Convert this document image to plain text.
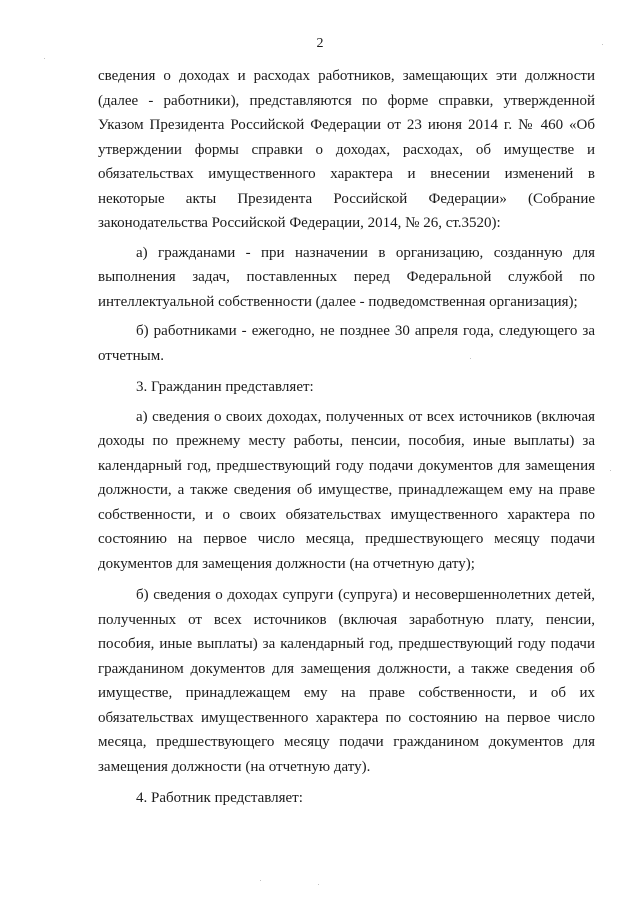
2

сведения о доходах и расходах работников, замещающих эти должности (далее - работники), представляются по форме справки, утвержденной Указом Президента Российской Федерации от 23 июня 2014 г. № 460 «Об утверждении формы справки о доходах, расходах, об имуществе и обязательствах имущественного характера и внесении изменений в некоторые акты Президента Российской Федерации» (Собрание законодательства Российской Федерации, 2014, № 26, ст.3520):

а) гражданами - при назначении в организацию, созданную для выполнения задач, поставленных перед Федеральной службой по интеллектуальной собственности (далее - подведомственная организация);

б) работниками - ежегодно, не позднее 30 апреля года, следующего за отчетным.

3. Гражданин представляет:

а) сведения о своих доходах, полученных от всех источников (включая доходы по прежнему месту работы, пенсии, пособия, иные выплаты) за календарный год, предшествующий году подачи документов для замещения должности, а также сведения об имуществе, принадлежащем ему на праве собственности, и о своих обязательствах имущественного характера по состоянию на первое число месяца, предшествующего месяцу подачи документов для замещения должности (на отчетную дату);

б) сведения о доходах супруги (супруга) и несовершеннолетних детей, полученных от всех источников (включая заработную плату, пенсии, пособия, иные выплаты) за календарный год, предшествующий году подачи гражданином документов для замещения должности, а также сведения об имуществе, принадлежащем ему на праве собственности, и об их обязательствах имущественного характера по состоянию на первое число месяца, предшествующего месяцу подачи гражданином документов для замещения должности (на отчетную дату).

4. Работник представляет:
